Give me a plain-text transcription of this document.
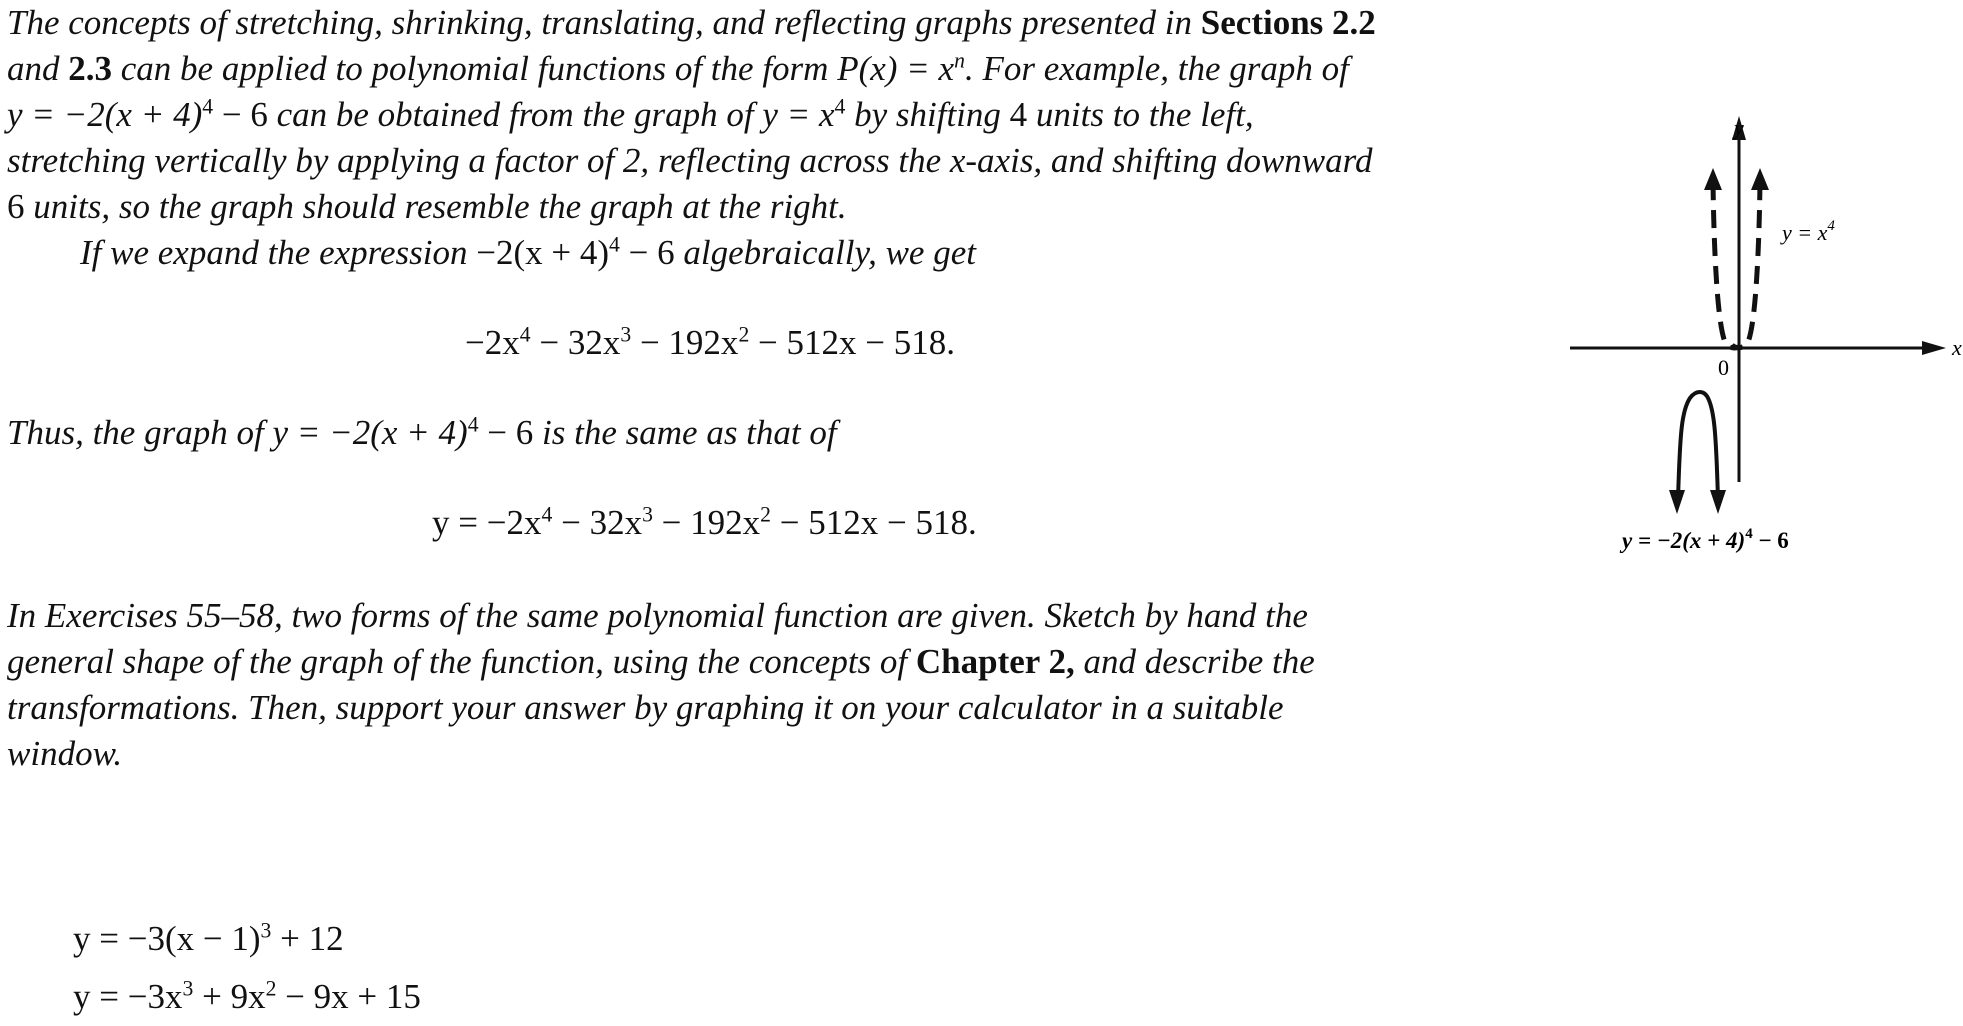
The concepts of stretching, shrinking, translating, and reflecting graphs presented in Sections 2.2
and 2.3 can be applied to polynomial functions of the form $P(x) = x^n$. For example, the graph of
$y = -2(x + 4)^4 - 6$ can be obtained from the graph of $y = x^4$ by shifting 4 units to the left,
stretching vertically by applying a factor of 2, reflecting across the x-axis, and shifting downward
6 units, so the graph should resemble the graph at the right.
If we expand the expression $-2(x + 4)^4 - 6$ algebraically, we get
$-2x^4 - 32x^3 - 192x^2 - 512x - 518$.
Thus, the graph of $y = -2(x + 4)^4 - 6$ is the same as that of
$y = -2x^4 - 32x^3 - 192x^2 - 512x - 518$.
In Exercises 55–58, two forms of the same polynomial function are given. Sketch by hand the
general shape of the graph of the function, using the concepts of Chapter 2, and describe the
transformations. Then, support your answer by graphing it on your calculator in a suitable
window.
$y = -3(x - 1)^3 + 12$
$y = -3x^3 + 9x^2 - 9x + 15$
y
x
0
$y = x^4$
$y = -2(x + 4)^4 - 6$
